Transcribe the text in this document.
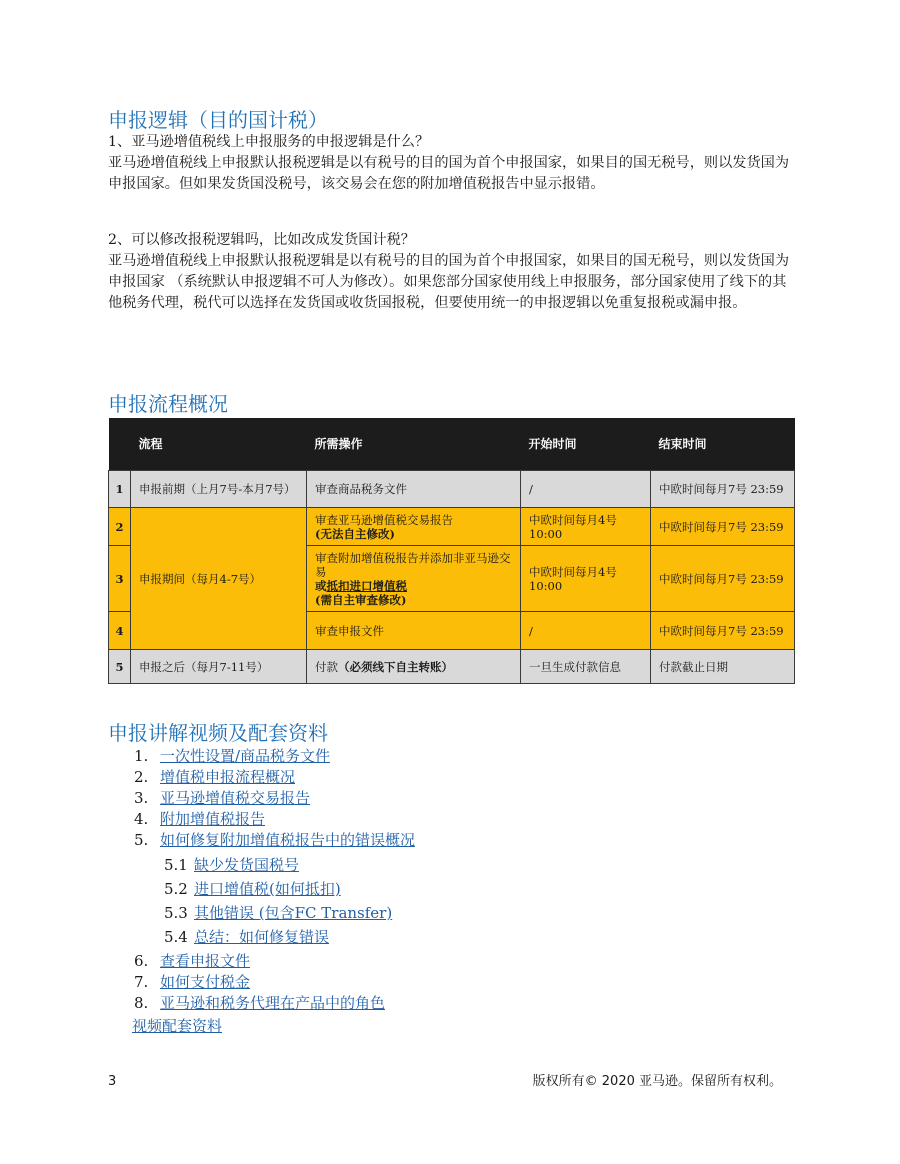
申报逻辑（目的国计税）

1、亚马逊增值税线上申报服务的申报逻辑是什么？

亚马逊增值税线上申报默认报税逻辑是以有税号的目的国为首个申报国家，如果目的国无税号，则以发货国为申报国家。但如果发货国没税号，该交易会在您的附加增值税报告中显示报错。

2、可以修改报税逻辑吗，比如改成发货国计税？

亚马逊增值税线上申报默认报税逻辑是以有税号的目的国为首个申报国家，如果目的国无税号，则以发货国为申报国家 （系统默认申报逻辑不可人为修改）。如果您部分国家使用线上申报服务，部分国家使用了线下的其他税务代理，税代可以选择在发货国或收货国报税，但要使用统一的申报逻辑以免重复报税或漏申报。

申报流程概况
	流程	所需操作	开始时间	结束时间
1	申报前期（上月7号-本月7号）	审查商品税务文件	/	中欧时间每月7号 23:59
2	申报期间（每月4-7号）	审查亚马逊增值税交易报告
(无法自主修改)	中欧时间每月4号 10:00	中欧时间每月7号 23:59
3		审查附加增值税报告并添加非亚马逊交易
或抵扣进口增值税
(需自主审查修改)	中欧时间每月4号 10:00	中欧时间每月7号 23:59
4		审查申报文件	/	中欧时间每月7号 23:59
5	申报之后（每月7-11号）	付款（必须线下自主转账）	一旦生成付款信息	付款截止日期
申报讲解视频及配套资料
1. 一次性设置/商品税务文件
2. 增值税申报流程概况
3. 亚马逊增值税交易报告
4. 附加增值税报告
5. 如何修复附加增值税报告中的错误概况
5.1 缺少发货国税号
5.2 进口增值税(如何抵扣)
5.3 其他错误 (包含FC Transfer)
5.4 总结：如何修复错误
6. 查看申报文件
7. 如何支付税金
8. 亚马逊和税务代理在产品中的角色
视频配套资料
3	版权所有© 2020 亚马逊。保留所有权利。
